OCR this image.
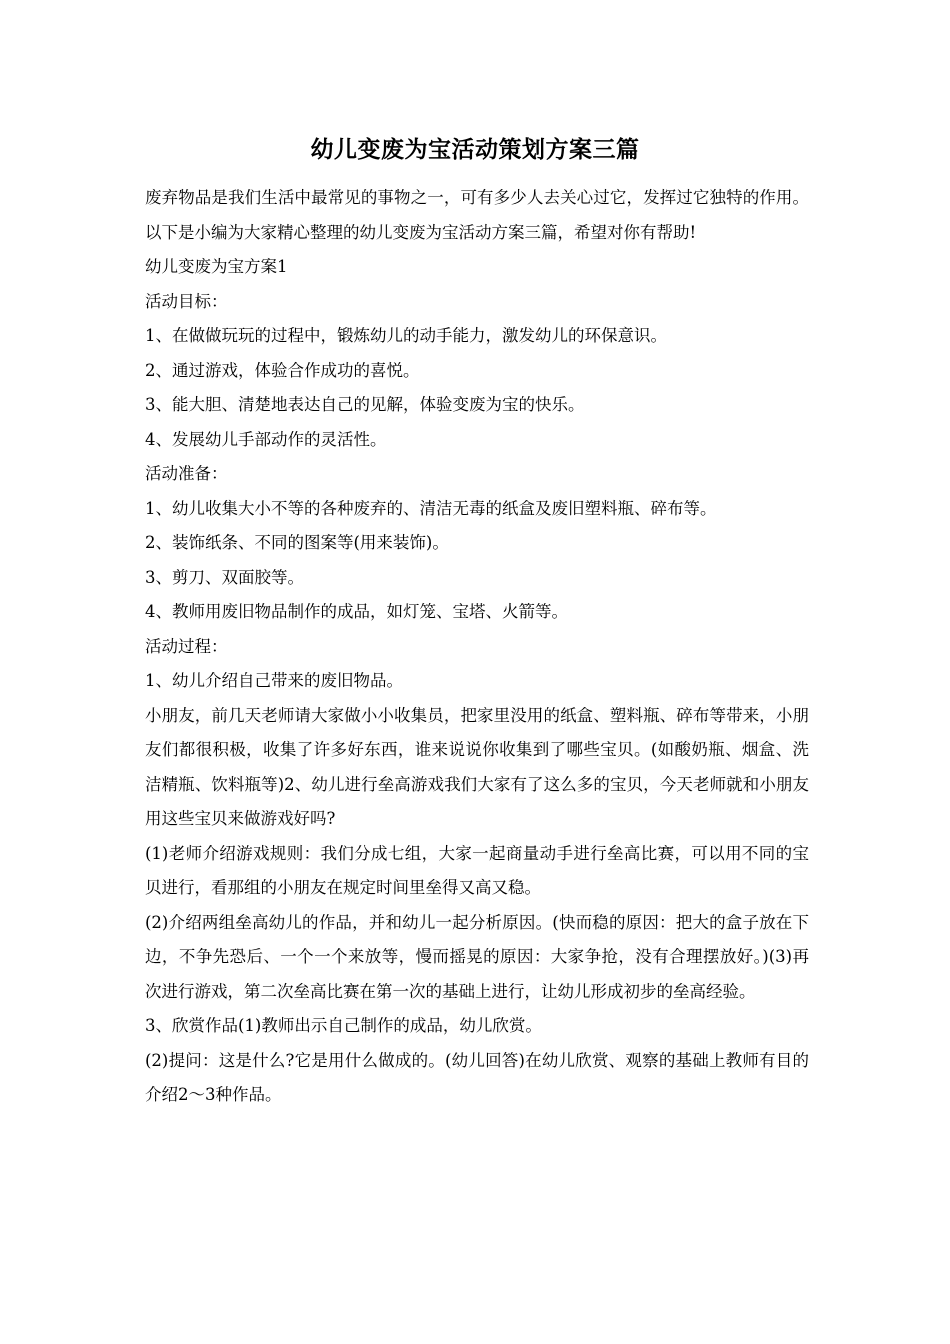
幼儿变废为宝活动策划方案三篇

废弃物品是我们生活中最常见的事物之一，可有多少人去关心过它，发挥过它独特的作用。以下是小编为大家精心整理的幼儿变废为宝活动方案三篇，希望对你有帮助!

幼儿变废为宝方案1

活动目标：

1、在做做玩玩的过程中，锻炼幼儿的动手能力，激发幼儿的环保意识。

2、通过游戏，体验合作成功的喜悦。

3、能大胆、清楚地表达自己的见解，体验变废为宝的快乐。

4、发展幼儿手部动作的灵活性。

活动准备：

1、幼儿收集大小不等的各种废弃的、清洁无毒的纸盒及废旧塑料瓶、碎布等。

2、装饰纸条、不同的图案等(用来装饰)。

3、剪刀、双面胶等。

4、教师用废旧物品制作的成品，如灯笼、宝塔、火箭等。

活动过程：

1、幼儿介绍自己带来的废旧物品。

小朋友，前几天老师请大家做小小收集员，把家里没用的纸盒、塑料瓶、碎布等带来，小朋友们都很积极，收集了许多好东西，谁来说说你收集到了哪些宝贝。(如酸奶瓶、烟盒、洗洁精瓶、饮料瓶等)2、幼儿进行垒高游戏我们大家有了这么多的宝贝，今天老师就和小朋友用这些宝贝来做游戏好吗?

(1)老师介绍游戏规则：我们分成七组，大家一起商量动手进行垒高比赛，可以用不同的宝贝进行，看那组的小朋友在规定时间里垒得又高又稳。

(2)介绍两组垒高幼儿的作品，并和幼儿一起分析原因。(快而稳的原因：把大的盒子放在下边，不争先恐后、一个一个来放等，慢而摇晃的原因：大家争抢，没有合理摆放好。)(3)再次进行游戏，第二次垒高比赛在第一次的基础上进行，让幼儿形成初步的垒高经验。

3、欣赏作品(1)教师出示自己制作的成品，幼儿欣赏。

(2)提问：这是什么?它是用什么做成的。(幼儿回答)在幼儿欣赏、观察的基础上教师有目的介绍2～3种作品。
